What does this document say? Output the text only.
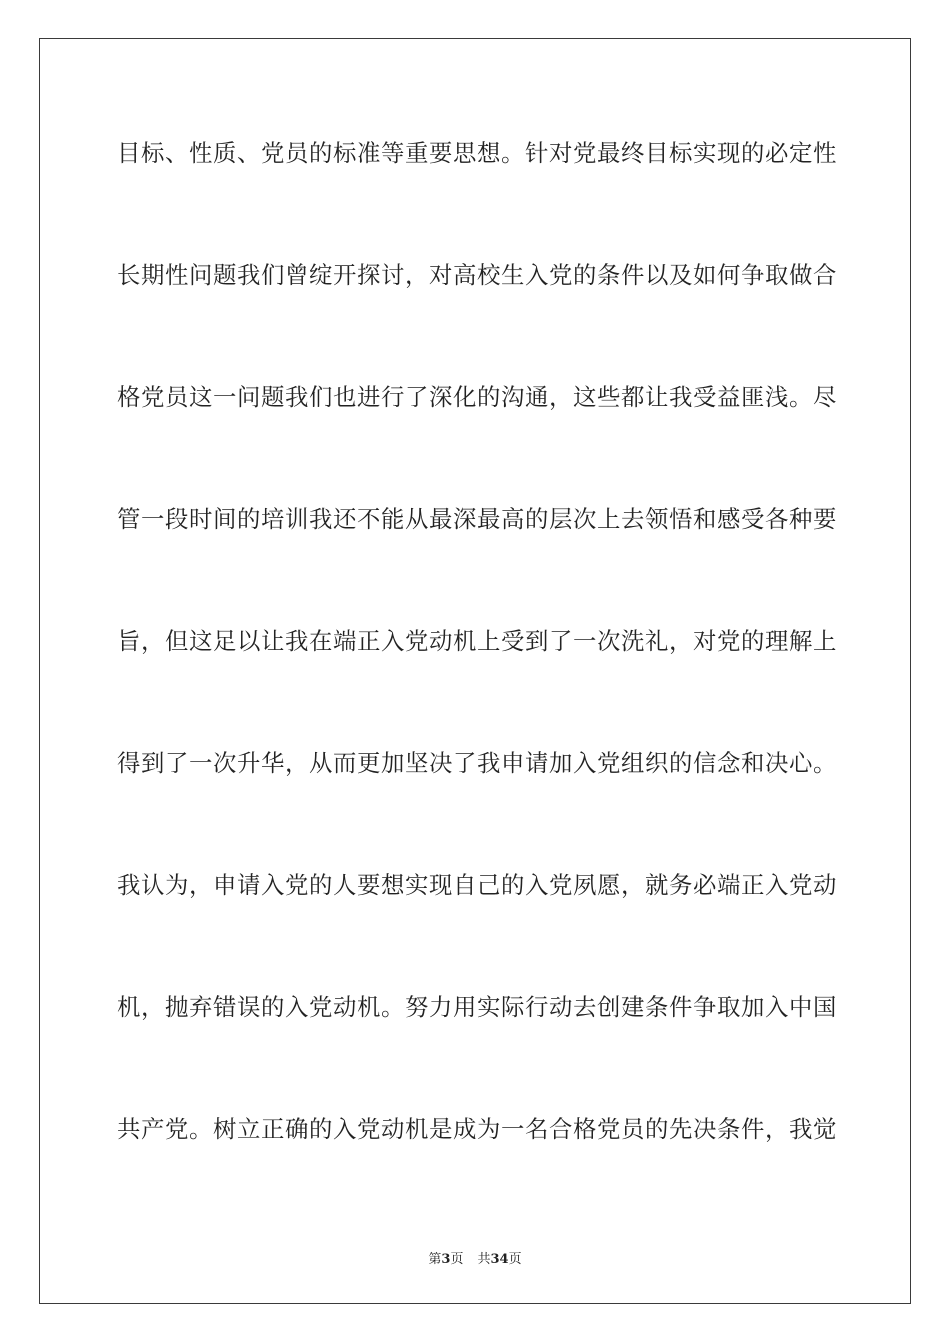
目标、性质、党员的标准等重要思想。针对党最终目标实现的必定性
长期性问题我们曾绽开探讨，对高校生入党的条件以及如何争取做合
格党员这一问题我们也进行了深化的沟通，这些都让我受益匪浅。尽
管一段时间的培训我还不能从最深最高的层次上去领悟和感受各种要
旨，但这足以让我在端正入党动机上受到了一次洗礼，对党的理解上
得到了一次升华，从而更加坚决了我申请加入党组织的信念和决心。
我认为，申请入党的人要想实现自己的入党夙愿，就务必端正入党动
机，抛弃错误的入党动机。努力用实际行动去创建条件争取加入中国
共产党。树立正确的入党动机是成为一名合格党员的先决条件，我觉
第3页 共34页
